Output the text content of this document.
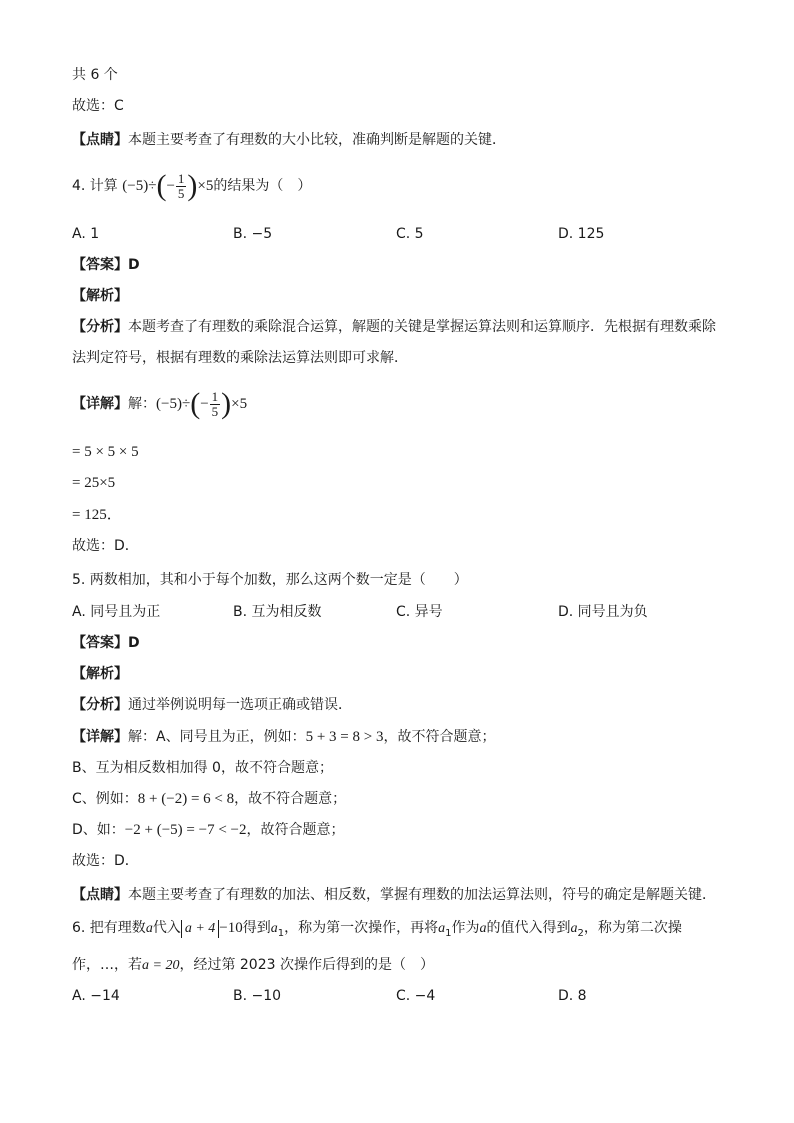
共 6 个
故选：C
【点睛】本题主要考查了有理数的大小比较，准确判断是解题的关键．
4. 计算 $(-5)\div(- \frac{1}{5} )\times 5$的结果为（　）
A. 1	B. −5	C. 5	D. 125
【答案】D
【解析】
【分析】本题考查了有理数的乘除混合运算，解题的关键是掌握运算法则和运算顺序．先根据有理数乘除
法判定符号，根据有理数的乘除法运算法则即可求解．
【详解】解：$(-5)\div(- \frac{1}{5} )\times 5$
= 5 × 5 × 5
= 25×5
= 125．
故选：D．
5. 两数相加，其和小于每个加数，那么这两个数一定是（　　）
A. 同号且为正	B. 互为相反数	C. 异号	D. 同号且为负
【答案】D
【解析】
【分析】通过举例说明每一选项正确或错误．
【详解】解：A、同号且为正，例如：5 + 3 = 8 > 3，故不符合题意；
B、互为相反数相加得 0，故不符合题意；
C、例如：8 + (−2) = 6 < 8，故不符合题意；
D、如：−2 + (−5) = −7 < −2，故符合题意；
故选：D．
【点睛】本题主要考查了有理数的加法、相反数，掌握有理数的加法运算法则，符号的确定是解题关键．
6. 把有理数a代入 a + 4 −10得到$a_1$，称为第一次操作，再将$a_1$作为a的值代入得到$a_2$，称为第二次操
作，…，若a = 20，经过第 2023 次操作后得到的是（　）
A. −14	B. −10	C. −4	D. 8
